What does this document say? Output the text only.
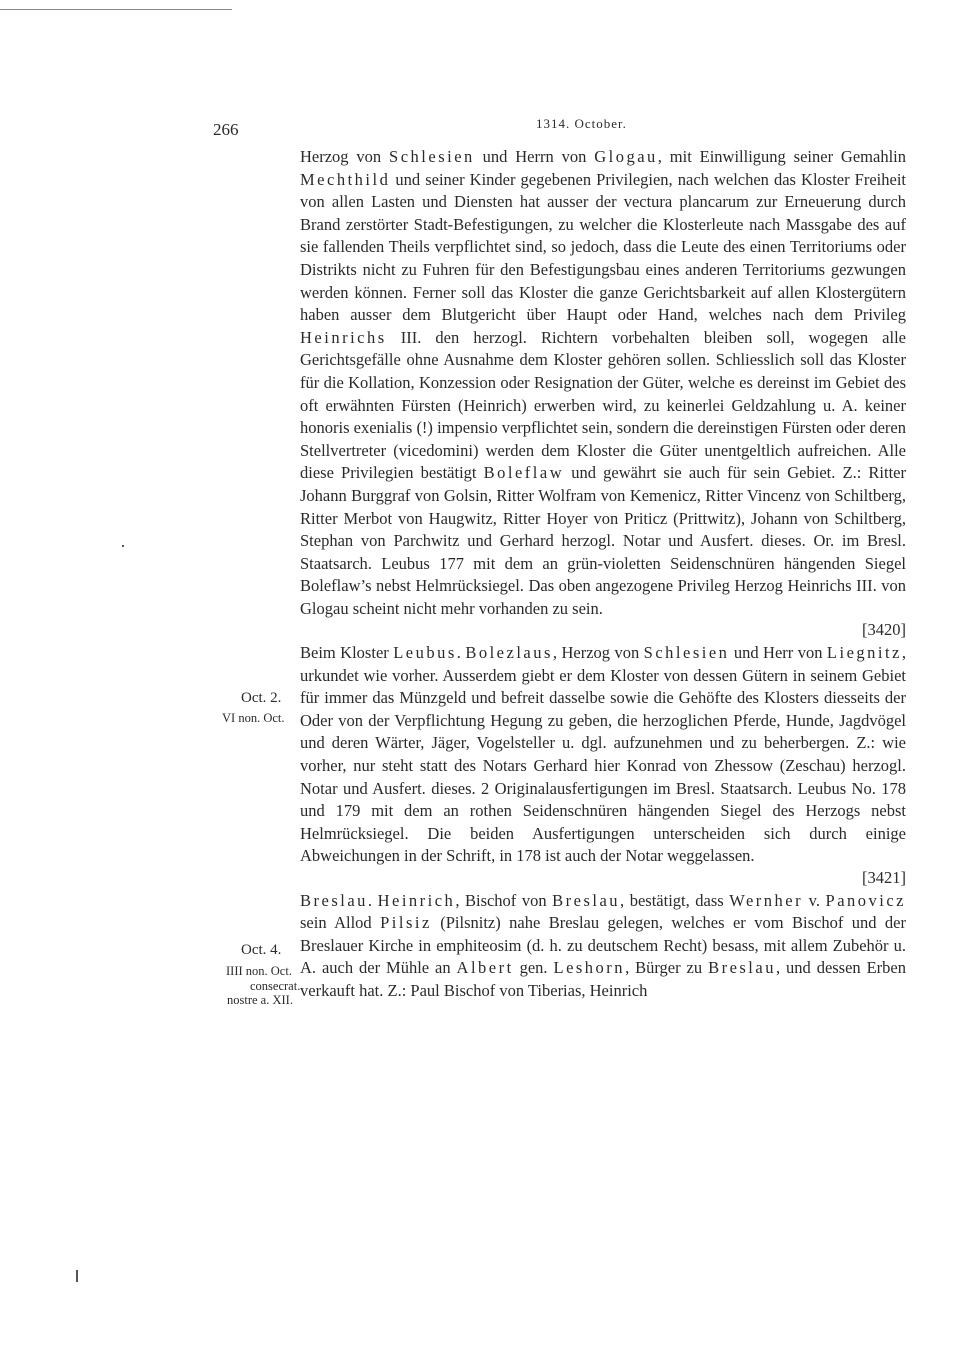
266	1314. October.
Oct. 2.
VI non. Oct.
Oct. 4.
IIII non. Oct.
consecrat.
nostre a. XII.

Herzog von Schlesien und Herrn von Glogau, mit Einwilligung seiner Gemahlin Mechthild und seiner Kinder gegebenen Privilegien, nach welchen das Kloster Freiheit von allen Lasten und Diensten hat ausser der vectura plancarum zur Erneuerung durch Brand zerstörter Stadt-Befestigungen, zu welcher die Klosterleute nach Massgabe des auf sie fallenden Theils verpflichtet sind, so jedoch, dass die Leute des einen Territoriums oder Distrikts nicht zu Fuhren für den Befestigungsbau eines anderen Territoriums gezwungen werden können. Ferner soll das Kloster die ganze Gerichtsbarkeit auf allen Klostergütern haben ausser dem Blutgericht über Haupt oder Hand, welches nach dem Privileg Heinrichs III. den herzogl. Richtern vorbehalten bleiben soll, wogegen alle Gerichtsgefälle ohne Ausnahme dem Kloster gehören sollen. Schliesslich soll das Kloster für die Kollation, Konzession oder Resignation der Güter, welche es dereinst im Gebiet des oft erwähnten Fürsten (Heinrich) erwerben wird, zu keinerlei Geldzahlung u. A. keiner honoris exenialis (!) impensio verpflichtet sein, sondern die dereinstigen Fürsten oder deren Stellvertreter (vicedomini) werden dem Kloster die Güter unentgeltlich aufreichen. Alle diese Privilegien bestätigt Boleflaw und gewährt sie auch für sein Gebiet. Z.: Ritter Johann Burggraf von Golsin, Ritter Wolfram von Kemenicz, Ritter Vincenz von Schiltberg, Ritter Merbot von Haugwitz, Ritter Hoyer von Priticz (Prittwitz), Johann von Schiltberg, Stephan von Parchwitz und Gerhard herzogl. Notar und Ausfert. dieses. Or. im Bresl. Staatsarch. Leubus 177 mit dem an grün-violetten Seidenschnüren hängenden Siegel Boleflaw’s nebst Helmrücksiegel. Das oben angezogene Privileg Herzog Heinrichs III. von Glogau scheint nicht mehr vorhanden zu sein.

[3420]

Beim Kloster Leubus. Bolezlaus, Herzog von Schlesien und Herr von Liegnitz, urkundet wie vorher. Ausserdem giebt er dem Kloster von dessen Gütern in seinem Gebiet für immer das Münzgeld und befreit dasselbe sowie die Gehöfte des Klosters diesseits der Oder von der Verpflichtung Hegung zu geben, die herzoglichen Pferde, Hunde, Jagdvögel und deren Wärter, Jäger, Vogelsteller u. dgl. aufzunehmen und zu beherbergen. Z.: wie vorher, nur steht statt des Notars Gerhard hier Konrad von Zhessow (Zeschau) herzogl. Notar und Ausfert. dieses. 2 Originalausfertigungen im Bresl. Staatsarch. Leubus No. 178 und 179 mit dem an rothen Seidenschnüren hängenden Siegel des Herzogs nebst Helmrücksiegel. Die beiden Ausfertigungen unterscheiden sich durch einige Abweichungen in der Schrift, in 178 ist auch der Notar weggelassen.

[3421]

Breslau. Heinrich, Bischof von Breslau, bestätigt, dass Wernher v. Panovicz sein Allod Pilsiz (Pilsnitz) nahe Breslau gelegen, welches er vom Bischof und der Breslauer Kirche in emphiteosim (d. h. zu deutschem Recht) besass, mit allem Zubehör u. A. auch der Mühle an Albert gen. Leshorn, Bürger zu Breslau, und dessen Erben verkauft hat. Z.: Paul Bischof von Tiberias, Heinrich
